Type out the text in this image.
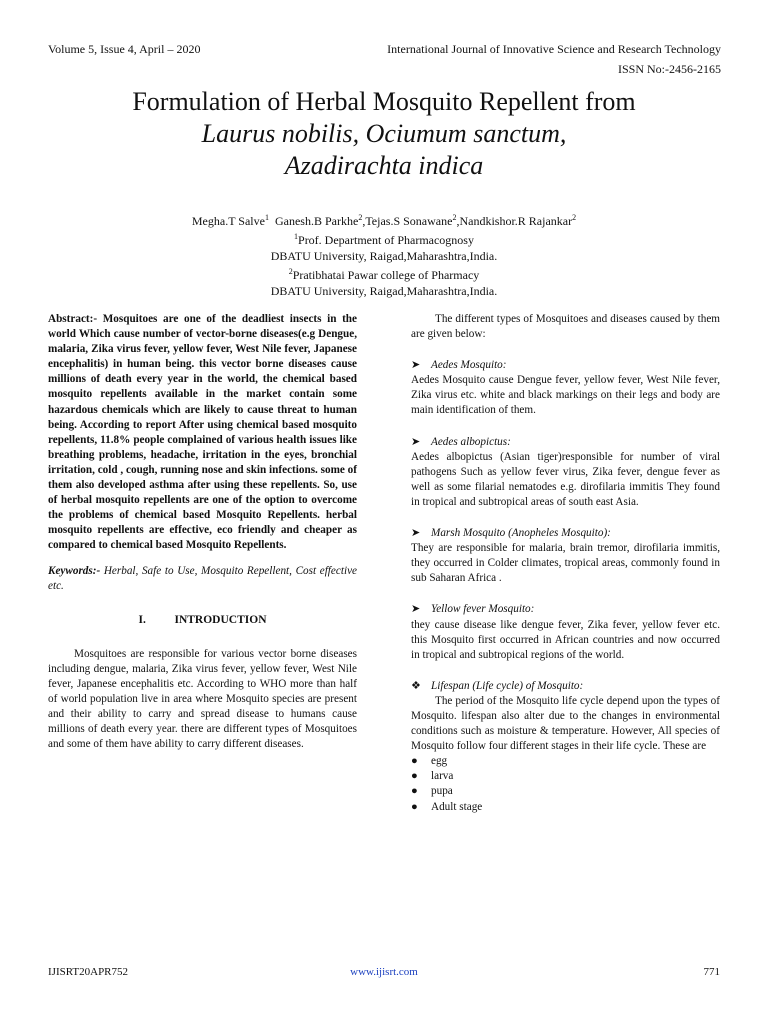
Volume 5, Issue 4, April – 2020	International Journal of Innovative Science and Research Technology
ISSN No:-2456-2165
Formulation of Herbal Mosquito Repellent from
Laurus nobilis, Ociumum sanctum,
Azadirachta indica
Megha.T Salve$^1$ Ganesh.B Parkhe$^2$,Tejas.S Sonawane$^2$,Nandkishor.R Rajankar$^2$
$^1$Prof. Department of Pharmacognosy
DBATU University, Raigad,Maharashtra,India.
$^2$Pratibhatai Pawar college of Pharmacy
DBATU University, Raigad,Maharashtra,India.

Abstract:- Mosquitoes are one of the deadliest insects in the world Which cause number of vector-borne diseases(e.g Dengue, malaria, Zika virus fever, yellow fever, West Nile fever, Japanese encephalitis) in human being. this vector borne diseases cause millions of death every year in the world, the chemical based mosquito repellents available in the market contain some hazardous chemicals which are likely to cause threat to human being. According to report After using chemical based mosquito repellents, 11.8% people complained of various health issues like breathing problems, headache, irritation in the eyes, bronchial irritation, cold , cough, running nose and skin infections. some of them also developed asthma after using these repellents. So, use of herbal mosquito repellents are one of the option to overcome the problems of chemical based Mosquito Repellents. herbal mosquito repellents are effective, eco friendly and cheaper as compared to chemical based Mosquito Repellents.

Keywords:- Herbal, Safe to Use, Mosquito Repellent, Cost effective etc.

I. INTRODUCTION

Mosquitoes are responsible for various vector borne diseases including dengue, malaria, Zika virus fever, yellow fever, West Nile fever, Japanese encephalitis etc. According to WHO more than half of world population live in area where Mosquito species are present and their ability to carry and spread disease to humans cause millions of death every year. there are different types of Mosquitoes and some of them have ability to carry different diseases.

The different types of Mosquitoes and diseases caused by them are given below:

➤ Aedes Mosquito:

Aedes Mosquito cause Dengue fever, yellow fever, West Nile fever, Zika virus etc. white and black markings on their legs and body are main identification of them.

➤ Aedes albopictus:

Aedes albopictus (Asian tiger)responsible for number of viral pathogens Such as yellow fever virus, Zika fever, dengue fever as well as some filarial nematodes e.g. dirofilaria immitis They found in tropical and subtropical areas of south east Asia.

➤ Marsh Mosquito (Anopheles Mosquito):

They are responsible for malaria, brain tremor, dirofilaria immitis, they occurred in Colder climates, tropical areas, commonly found in sub Saharan Africa .

➤ Yellow fever Mosquito:

they cause disease like dengue fever, Zika fever, yellow fever etc. this Mosquito first occurred in African countries and now occurred in tropical and subtropical regions of the world.

❖ Lifespan (Life cycle) of Mosquito:

The period of the Mosquito life cycle depend upon the types of Mosquito. lifespan also alter due to the changes in environmental conditions such as moisture & temperature. However, All species of Mosquito follow four different stages in their life cycle. These are

● egg
● larva
● pupa
● Adult stage
IJISRT20APR752	www.ijisrt.com	771
